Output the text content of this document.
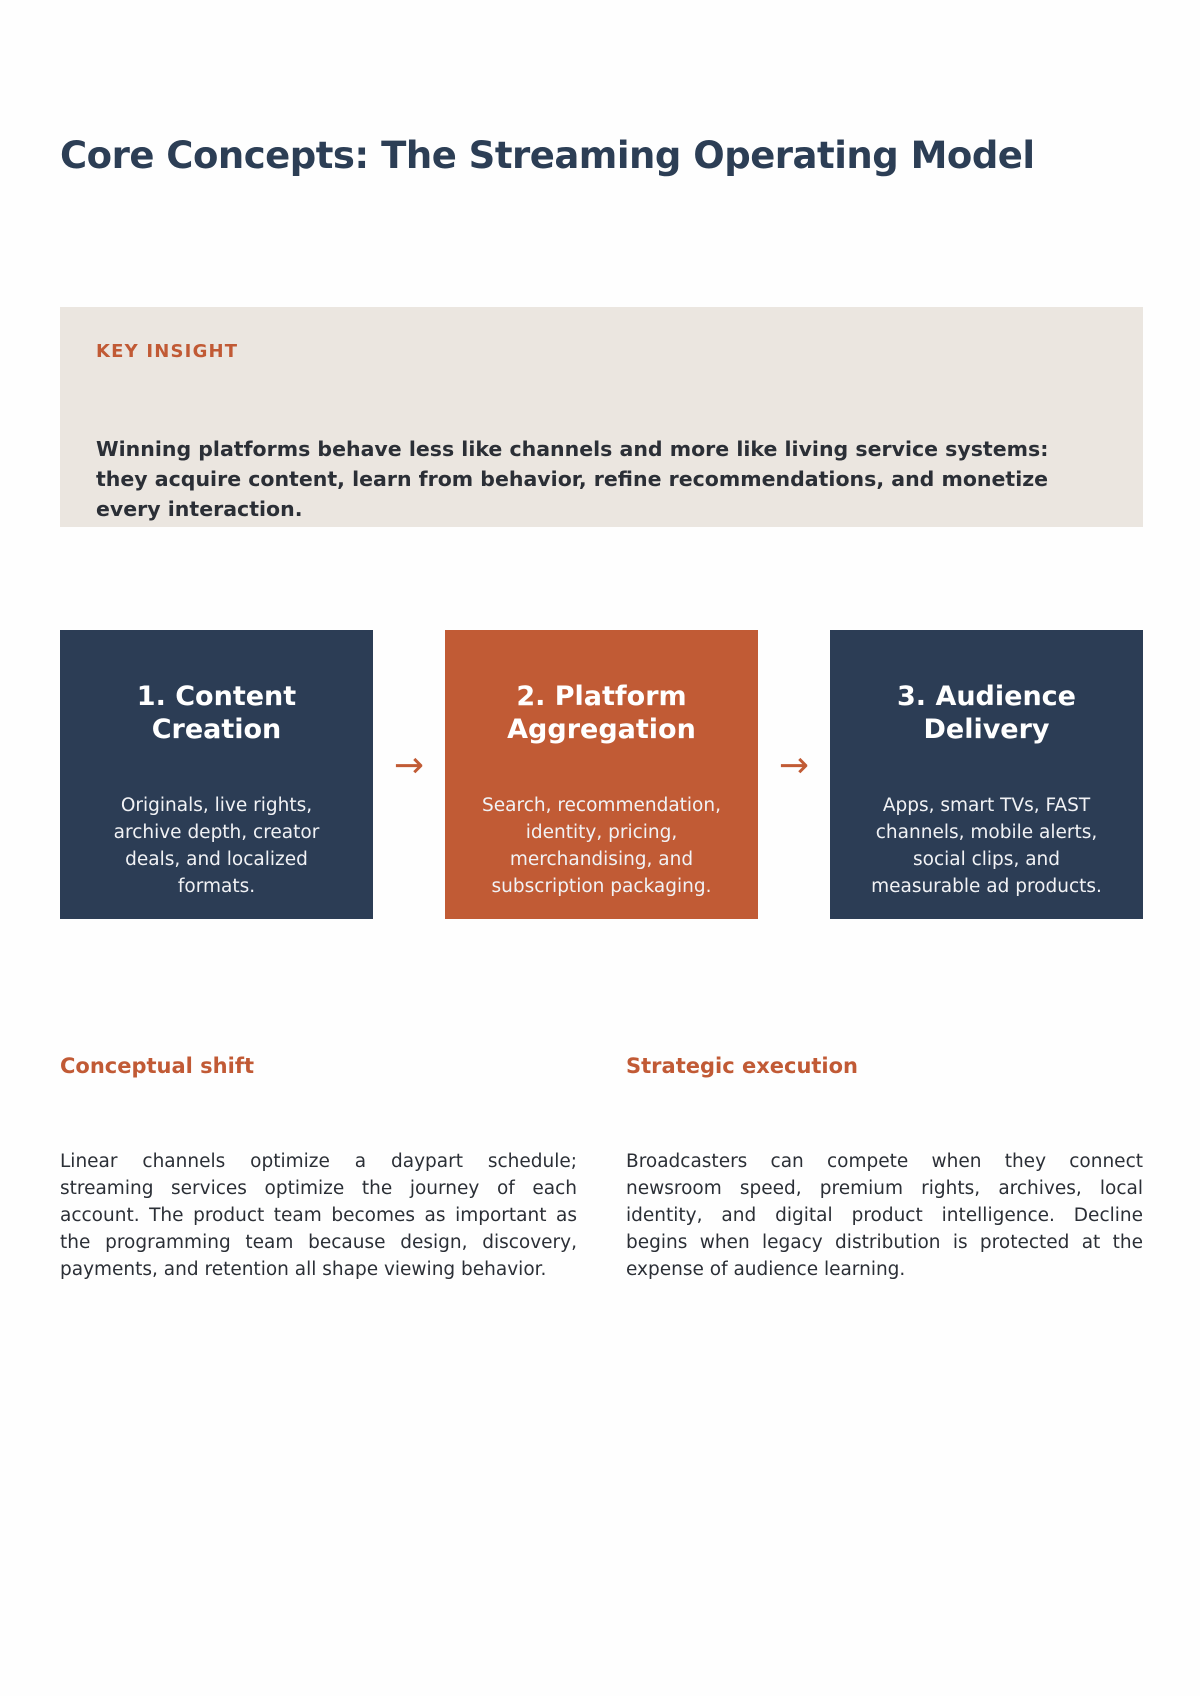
Core Concepts: The Streaming Operating Model
KEY INSIGHT

Winning platforms behave less like channels and more like living service systems: they acquire content, learn from behavior, refine recommendations, and monetize every interaction.

1. Content Creation
Originals, live rights, archive depth, creator deals, and localized formats.
→
2. Platform Aggregation
Search, recommendation, identity, pricing, merchandising, and subscription packaging.
→
3. Audience Delivery
Apps, smart TVs, FAST channels, mobile alerts, social clips, and measurable ad products.
Conceptual shift

Linear channels optimize a daypart schedule; streaming services optimize the journey of each account. The product team becomes as important as the programming team because design, discovery, payments, and retention all shape viewing behavior.

Strategic execution

Broadcasters can compete when they connect newsroom speed, premium rights, archives, local identity, and digital product intelligence. Decline begins when legacy distribution is protected at the expense of audience learning.
